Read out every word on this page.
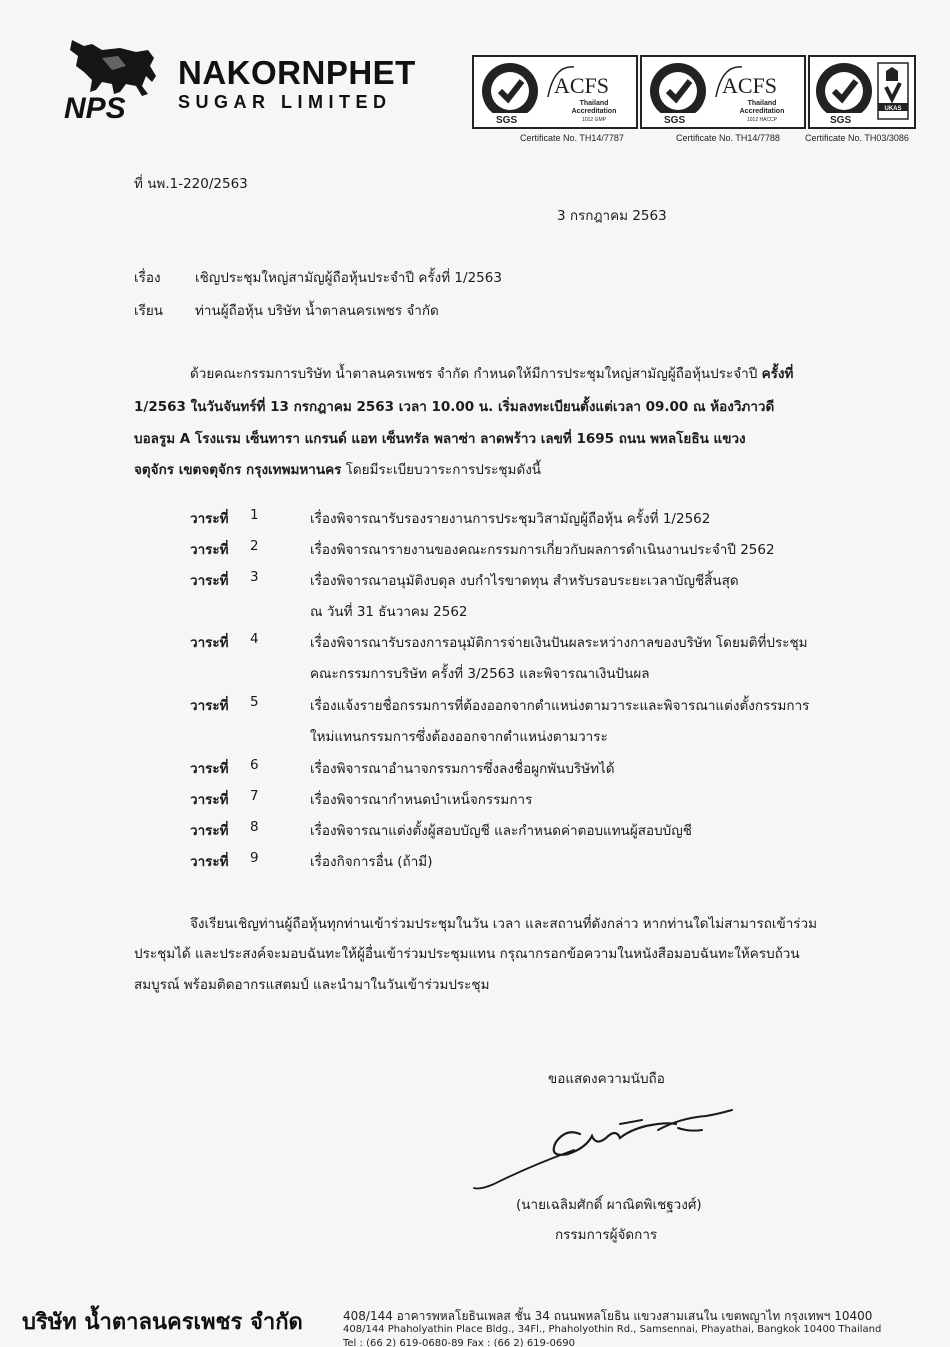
NPS
NAKORNPHET
SUGAR LIMITED
SGS
ACFS
Thailand
Accreditation
1012 GMP
Certificate No. TH14/7787
SGS
ACFS
Thailand
Accreditation
1012 HACCP
Certificate No. TH14/7788
SGS
UKAS
Certificate No. TH03/3086
ที่ นพ.1-220/2563
3 กรกฎาคม 2563
เรื่อง	เชิญประชุมใหญ่สามัญผู้ถือหุ้นประจำปี ครั้งที่ 1/2563
เรียน ท่านผู้ถือหุ้น บริษัท น้ำตาลนครเพชร จำกัด
ด้วยคณะกรรมการบริษัท น้ำตาลนครเพชร จำกัด กำหนดให้มีการประชุมใหญ่สามัญผู้ถือหุ้นประจำปี ครั้งที่
1/2563 ในวันจันทร์ที่ 13 กรกฎาคม 2563 เวลา 10.00 น. เริ่มลงทะเบียนตั้งแต่เวลา 09.00 ณ ห้องวิภาวดี
บอลรูม A โรงแรม เซ็นทารา แกรนด์ แอท เซ็นทรัล พลาซ่า ลาดพร้าว เลขที่ 1695 ถนน พหลโยธิน แขวง
จตุจักร เขตจตุจักร กรุงเทพมหานคร โดยมีระเบียบวาระการประชุมดังนี้
วาระที่ 1	เรื่องพิจารณารับรองรายงานการประชุมวิสามัญผู้ถือหุ้น ครั้งที่ 1/2562
วาระที่ 2	เรื่องพิจารณารายงานของคณะกรรมการเกี่ยวกับผลการดำเนินงานประจำปี 2562
วาระที่ 3	เรื่องพิจารณาอนุมัติงบดุล งบกำไรขาดทุน สำหรับรอบระยะเวลาบัญชีสิ้นสุด
ณ วันที่ 31 ธันวาคม 2562
วาระที่ 4	เรื่องพิจารณารับรองการอนุมัติการจ่ายเงินปันผลระหว่างกาลของบริษัท โดยมติที่ประชุม
คณะกรรมการบริษัท ครั้งที่ 3/2563 และพิจารณาเงินปันผล
วาระที่ 5	เรื่องแจ้งรายชื่อกรรมการที่ต้องออกจากตำแหน่งตามวาระและพิจารณาแต่งตั้งกรรมการ
ใหม่แทนกรรมการซึ่งต้องออกจากตำแหน่งตามวาระ
วาระที่ 6	เรื่องพิจารณาอำนาจกรรมการซึ่งลงชื่อผูกพันบริษัทได้
วาระที่ 7	เรื่องพิจารณากำหนดบำเหน็จกรรมการ
วาระที่ 8	เรื่องพิจารณาแต่งตั้งผู้สอบบัญชี และกำหนดค่าตอบแทนผู้สอบบัญชี
วาระที่ 9	เรื่องกิจการอื่น (ถ้ามี)
จึงเรียนเชิญท่านผู้ถือหุ้นทุกท่านเข้าร่วมประชุมในวัน เวลา และสถานที่ดังกล่าว หากท่านใดไม่สามารถเข้าร่วม
ประชุมได้ และประสงค์จะมอบฉันทะให้ผู้อื่นเข้าร่วมประชุมแทน กรุณากรอกข้อความในหนังสือมอบฉันทะให้ครบถ้วน
สมบูรณ์ พร้อมติดอากรแสตมป์ และนำมาในวันเข้าร่วมประชุม
ขอแสดงความนับถือ
(นายเฉลิมศักดิ์ ผาณิตพิเชฐวงศ์)
กรรมการผู้จัดการ
บริษัท น้ำตาลนครเพชร จำกัด	408/144 อาคารพหลโยธินเพลส ชั้น 34 ถนนพหลโยธิน แขวงสามเสนใน เขตพญาไท กรุงเทพฯ 10400
408/144 Phaholyathin Place Bldg., 34Fl., Phaholyothin Rd., Samsennai, Phayathai, Bangkok 10400 Thailand
Tel : (66 2) 619-0680-89 Fax : (66 2) 619-0690
